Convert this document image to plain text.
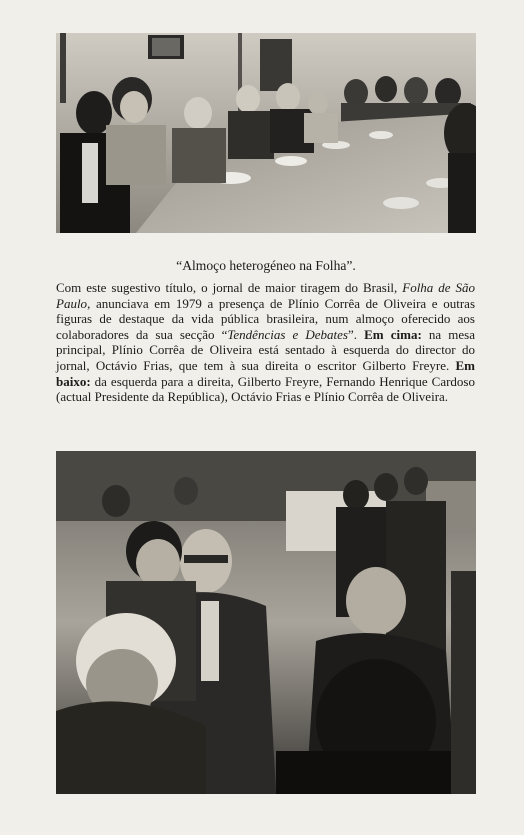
“Almoço heterogéneo na Folha”.

Com este sugestivo título, o jornal de maior tiragem do Brasil, Folha de São Paulo, anunciava em 1979 a presença de Plínio Corrêa de Oliveira e outras figuras de destaque da vida pública brasileira, num almoço oferecido aos colaboradores da sua secção “Tendências e Debates”. Em cima: na mesa principal, Plínio Corrêa de Oliveira está sentado à esquerda do director do jornal, Octávio Frias, que tem à sua direita o escritor Gilberto Freyre. Em baixo: da esquerda para a direita, Gilberto Freyre, Fernando Henrique Cardoso (actual Presidente da República), Octávio Frias e Plínio Corrêa de Oliveira.
